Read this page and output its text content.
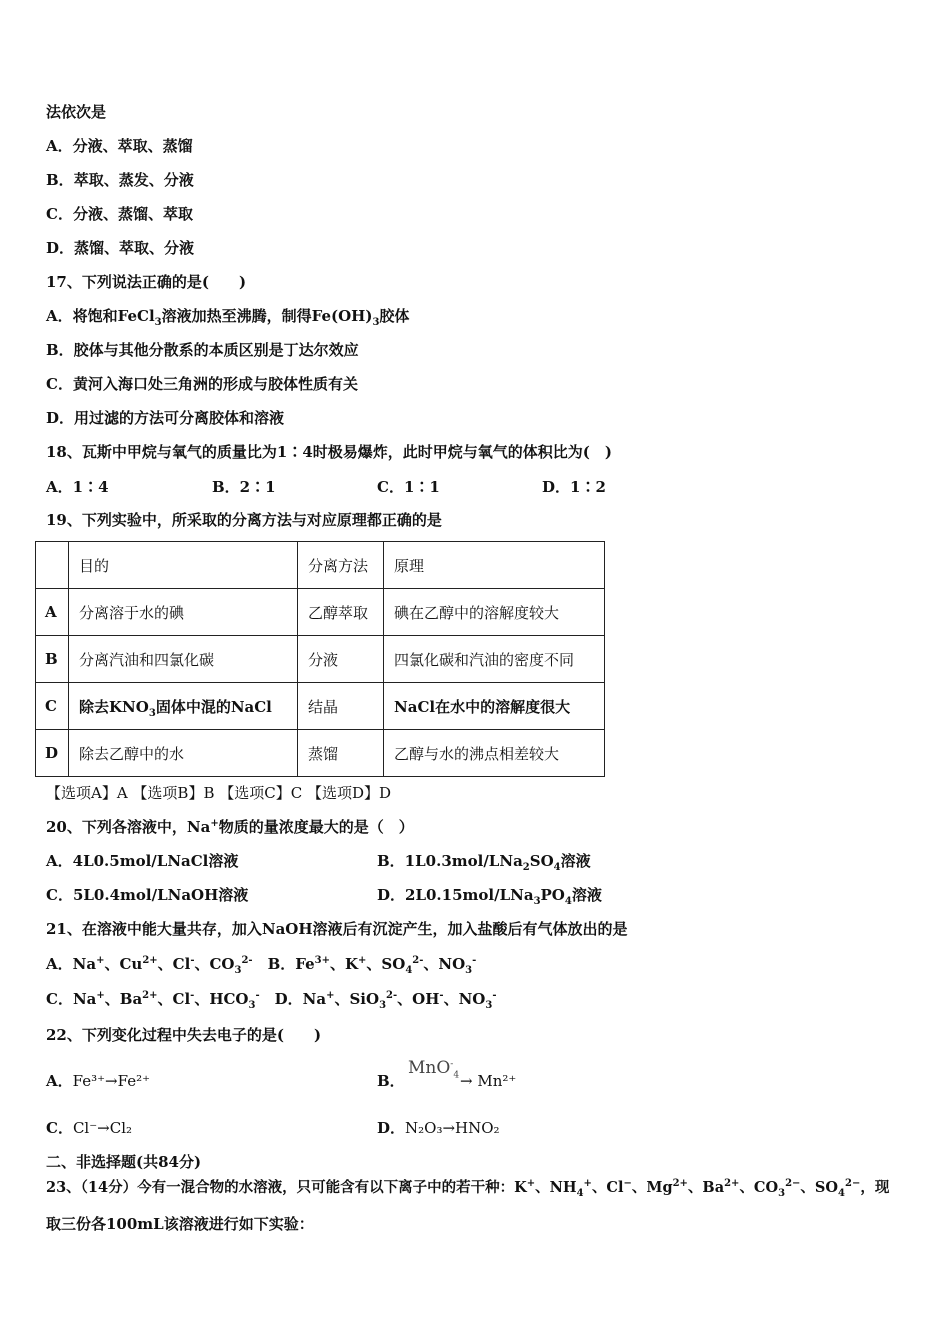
法依次是
A．分液、萃取、蒸馏
B．萃取、蒸发、分液
C．分液、蒸馏、萃取
D．蒸馏、萃取、分液
17、下列说法正确的是(　　)
A．将饱和FeCl$_3$溶液加热至沸腾，制得$Fe(OH)_3$胶体
B．胶体与其他分散系的本质区别是丁达尔效应
C．黄河入海口处三角洲的形成与胶体性质有关
D．用过滤的方法可分离胶体和溶液
18、瓦斯中甲烷与氧气的质量比为1∶4时极易爆炸，此时甲烷与氧气的体积比为(　)
A．1∶4	B．2∶1	C．1∶1	D．1∶2
19、下列实验中，所采取的分离方法与对应原理都正确的是
	目的	分离方法	原理
A	分离溶于水的碘	乙醇萃取	碘在乙醇中的溶解度较大
B	分离汽油和四氯化碳	分液	四氯化碳和汽油的密度不同
C	除去$KNO_3$固体中混的NaCl	结晶	NaCl在水中的溶解度很大
D	除去乙醇中的水	蒸馏	乙醇与水的沸点相差较大
【选项A】A 【选项B】B 【选项C】C 【选项D】D
20、下列各溶液中，Na+物质的量浓度最大的是（　）
A．4L0.5mol/LNaCl溶液	B．$1L0.3mol/LNa_2SO_4$溶液
C．5L0.4mol/LNaOH溶液	D．$2L0.15mol/LNa_3PO_4$溶液
21、在溶液中能大量共存，加入NaOH溶液后有沉淀产生，加入盐酸后有气体放出的是
A．Na+、$Cu^{2+}$、Cl-、$CO_3^{2-}$　B．$Fe^{3+}$、K+、$SO_4^{2-}$、$NO_3^-$
C．Na+、$Ba^{2+}$、Cl-、$HCO_3^-$　D．Na+、SiO$_3^{2-}$、OH-、$NO_3^-$
22、下列变化过程中失去电子的是(　　)
A．Fe³⁺→Fe²⁺	B．
MnO-$_4$ → Mn²⁺
C．Cl⁻→Cl₂	D．N₂O₃→HNO₂
二、非选择题(共84分)
23、（14分）今有一混合物的水溶液，只可能含有以下离子中的若干种：K+、$NH_4^+$、Cl−、$Mg^{2+}$、$Ba^{2+}$、$CO_3^{2-}$、$SO_4^{2-}$，现
取三份各100mL该溶液进行如下实验：
